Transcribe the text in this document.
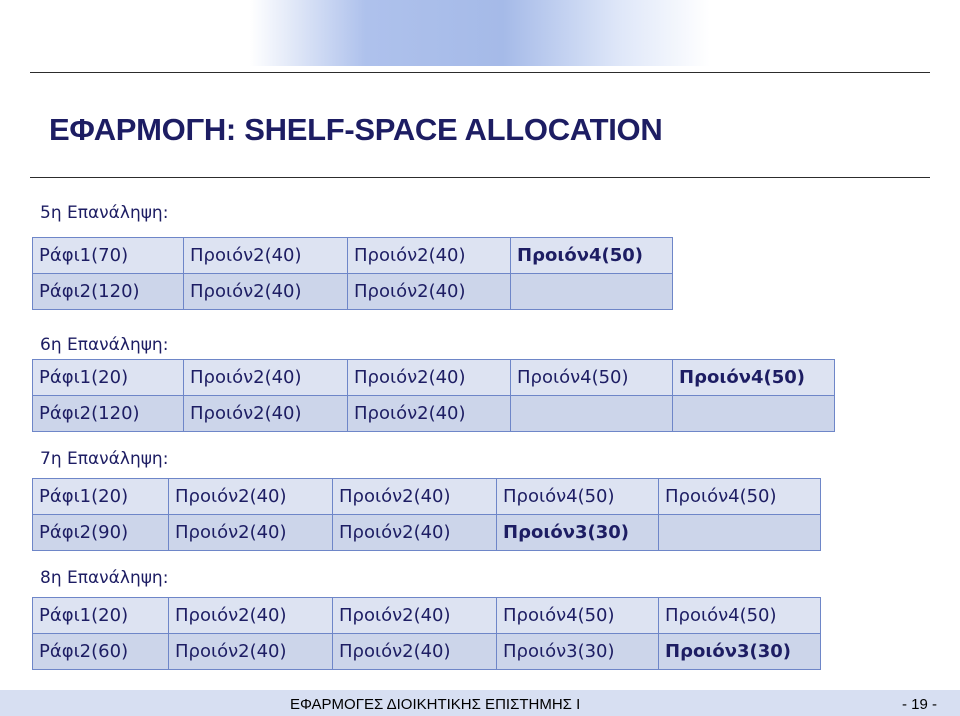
ΕΦΑΡΜΟΓΗ: SHELF-SPACE ALLOCATION
5η Επανάληψη:
Ράφι1(70)	Προιόν2(40)	Προιόν2(40)	Προιόν4(50)
Ράφι2(120)	Προιόν2(40)	Προιόν2(40)	
6η Επανάληψη:
Ράφι1(20)	Προιόν2(40)	Προιόν2(40)	Προιόν4(50)	Προιόν4(50)
Ράφι2(120)	Προιόν2(40)	Προιόν2(40)		
7η Επανάληψη:
Ράφι1(20)	Προιόν2(40)	Προιόν2(40)	Προιόν4(50)	Προιόν4(50)
Ράφι2(90)	Προιόν2(40)	Προιόν2(40)	Προιόν3(30)	
8η Επανάληψη:
Ράφι1(20)	Προιόν2(40)	Προιόν2(40)	Προιόν4(50)	Προιόν4(50)
Ράφι2(60)	Προιόν2(40)	Προιόν2(40)	Προιόν3(30)	Προιόν3(30)
ΕΦΑΡΜΟΓΕΣ ΔΙΟΙΚΗΤΙΚΗΣ ΕΠΙΣΤΗΜΗΣ Ι	- 19 -
